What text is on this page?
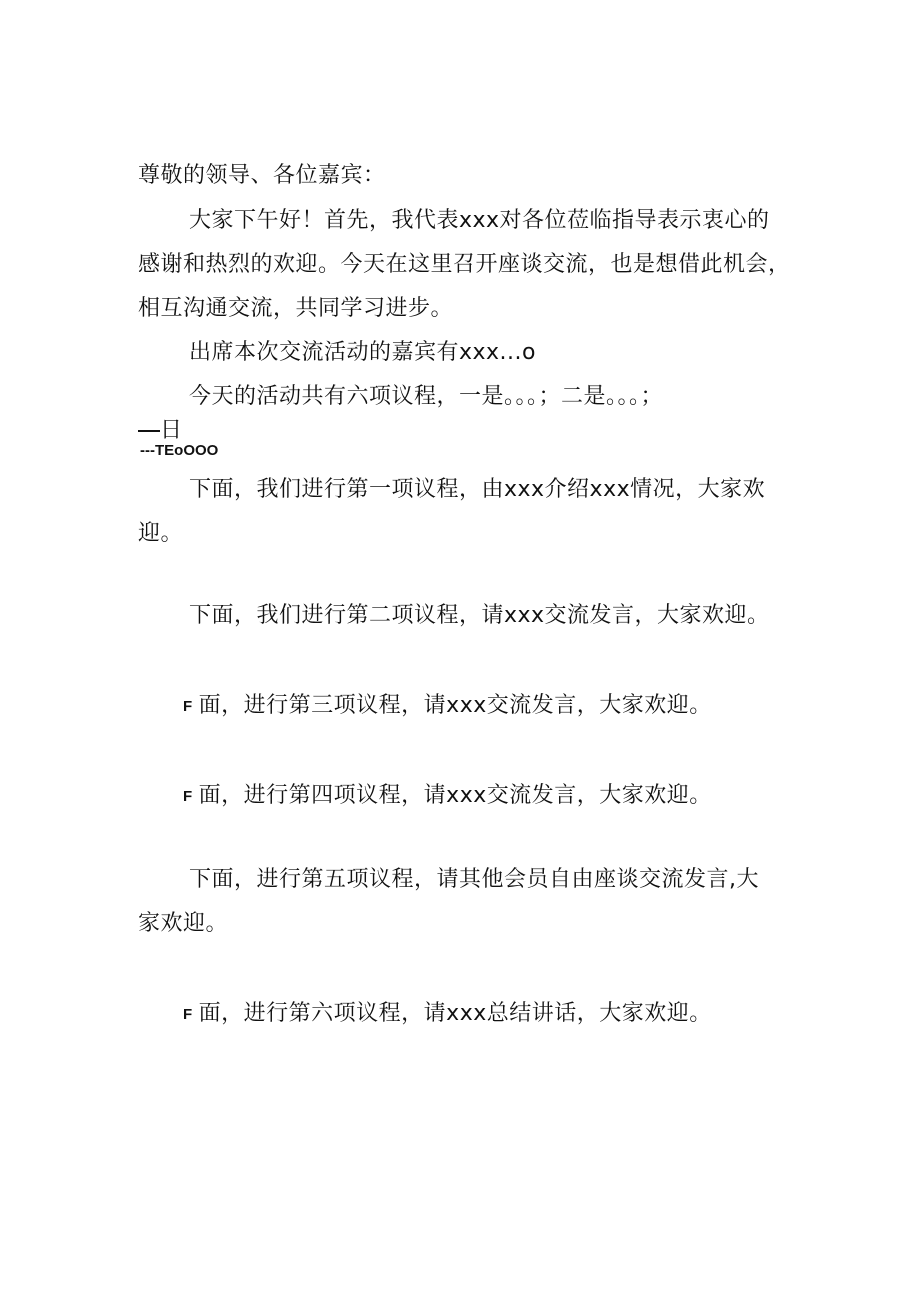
尊敬的领导、各位嘉宾：
大家下午好！首先，我代表xxx对各位莅临指导表示衷心的
感谢和热烈的欢迎。今天在这里召开座谈交流，也是想借此机会，
相互沟通交流，共同学习进步。
出席本次交流活动的嘉宾有xxx...o
今天的活动共有六项议程，一是。。。；二是。。。；
日
---TEoOOO
下面，我们进行第一项议程，由xxx介绍xxx情况，大家欢
迎。
下面，我们进行第二项议程，请xxx交流发言，大家欢迎。
F 面，进行第三项议程，请xxx交流发言，大家欢迎。
F 面，进行第四项议程，请xxx交流发言，大家欢迎。
下面，进行第五项议程，请其他会员自由座谈交流发言,大
家欢迎。
F 面，进行第六项议程，请xxx总结讲话，大家欢迎。
